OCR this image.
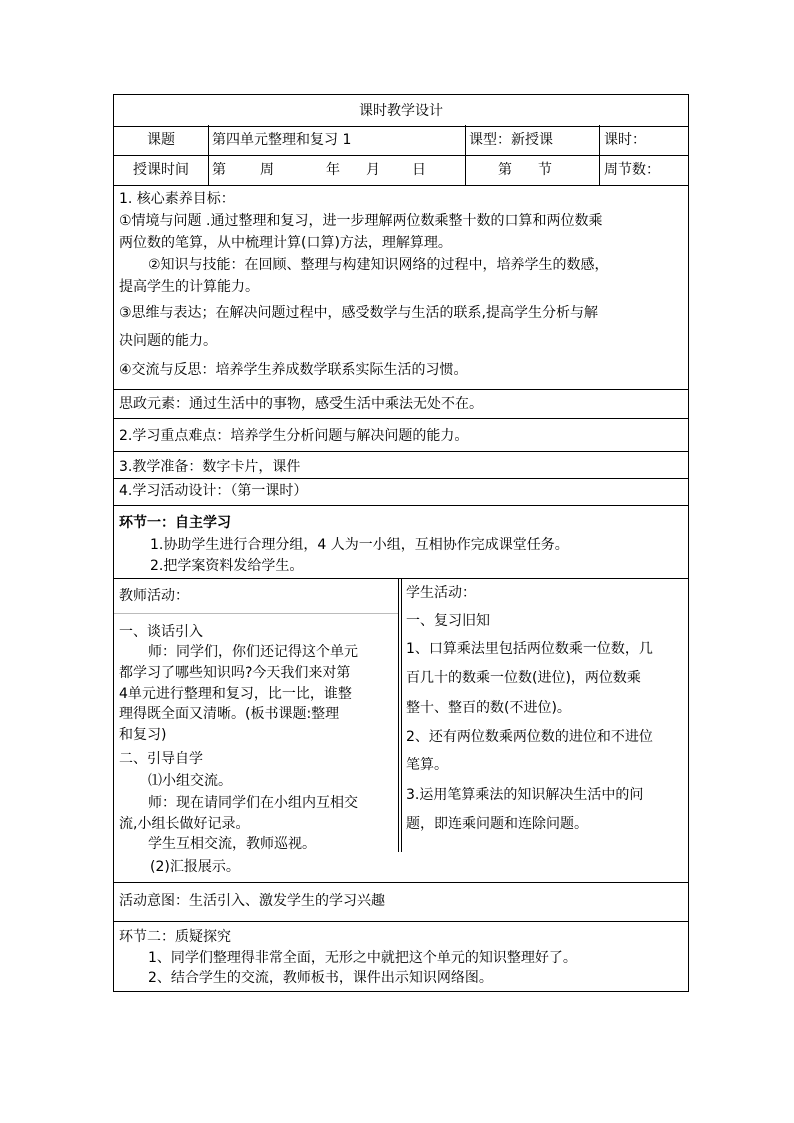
课时教学设计
课题	第四单元整理和复习 1	课型：新授课	课时：
授课时间	第 周	年 月 日	第 节	周节数：
1. 核心素养目标：
①情境与问题 .通过整理和复习，进一步理解两位数乘整十数的口算和两位数乘
两位数的笔算，从中梳理计算(口算)方法，理解算理。
②知识与技能：在回顾、整理与构建知识网络的过程中，培养学生的数感，
提高学生的计算能力。
③思维与表达；在解决问题过程中，感受数学与生活的联系,提高学生分析与解
决问题的能力。
④交流与反思：培养学生养成数学联系实际生活的习惯。
思政元素：通过生活中的事物，感受生活中乘法无处不在。
2.学习重点难点：培养学生分析问题与解决问题的能力。
3.教学准备：数字卡片，课件
4.学习活动设计：（第一课时）
环节一：自主学习
1.协助学生进行合理分组，4 人为一小组，互相协作完成课堂任务。
2.把学案资料发给学生。
教师活动：
一、谈话引入
师：同学们，你们还记得这个单元
都学习了哪些知识吗?今天我们来对第
4单元进行整理和复习，比一比，谁整
理得既全面又清晰。(板书课题:整理
和复习)
二、引导自学
⑴小组交流。
师：现在请同学们在小组内互相交
流,小组长做好记录。
学生互相交流，教师巡视。
(2)汇报展示。
学生活动：
一、复习旧知
1、口算乘法里包括两位数乘一位数，几
百几十的数乘一位数(进位)，两位数乘
整十、整百的数(不进位)。
2、还有两位数乘两位数的进位和不进位
笔算。
3.运用笔算乘法的知识解决生活中的问
题，即连乘问题和连除问题。
活动意图：生活引入、激发学生的学习兴趣
环节二：质疑探究
1、同学们整理得非常全面，无形之中就把这个单元的知识整理好了。
2、结合学生的交流，教师板书，课件出示知识网络图。
